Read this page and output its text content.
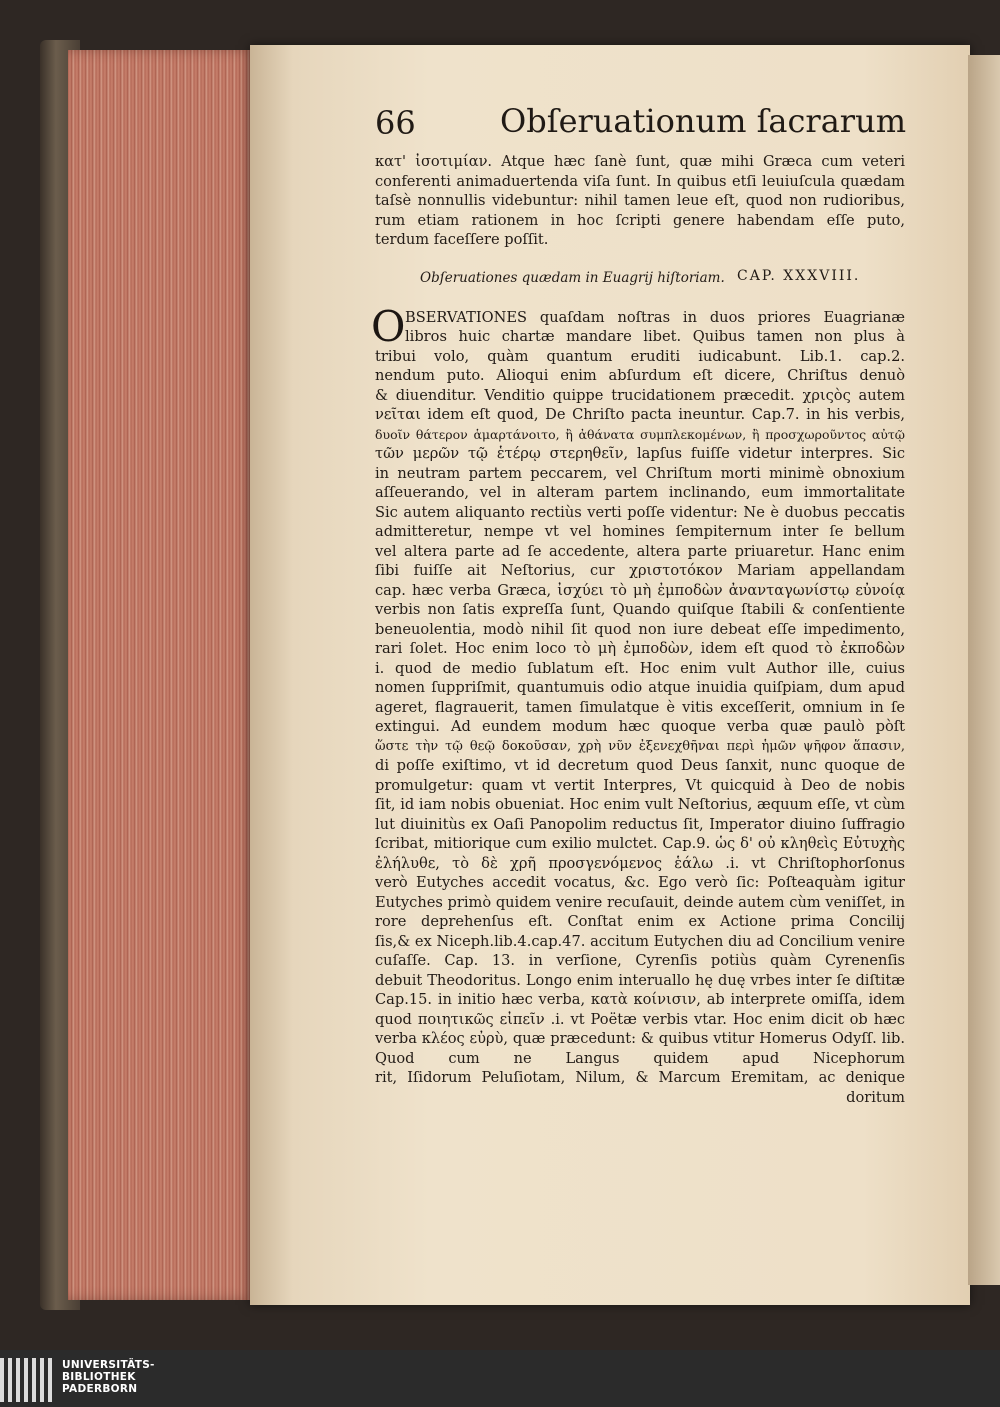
66	Obſeruationum ſacrarum
κατ' ἰσοτιμίαν. Atque hæc ſanè ſunt, quæ mihi Græca cum veteri
conferenti animaduertenda viſa ſunt. In quibus etſi leuiuſcula quædam
taſsè nonnullis videbuntur: nihil tamen leue eſt, quod non rudioribus,
rum etiam rationem in hoc ſcripti genere habendam eſſe puto,
terdum faceſſere poſſit.
Obſeruationes quædam in Euagrij hiſtoriam. CAP. XXXVIII.
O BSERVATIONES quaſdam noſtras in duos priores Euagrianæ
libros huic chartæ mandare libet. Quibus tamen non plus à
tribui volo, quàm quantum eruditi iudicabunt. Lib.1. cap.2.
nendum puto. Alioqui enim abſurdum eſt dicere, Chriſtus denuò
& diuenditur. Venditio quippe trucidationem præcedit. χριςὸς autem
νεῖται idem eſt quod, De Chriſto pacta ineuntur. Cap.7. in his verbis,
δυοῖν θάτερον ἁμαρτάνοιτο, ἢ ἀθάνατα συμπλεκομένων, ἢ προσχωροῦντος αὐτῷ
τῶν μερῶν τῷ ἑτέρῳ στερηθεῖν, lapſus fuiſſe videtur interpres. Sic
in neutram partem peccarem, vel Chriſtum morti minimè obnoxium
aſſeuerando, vel in alteram partem inclinando, eum immortalitate
Sic autem aliquanto rectiùs verti poſſe videntur: Ne è duobus peccatis
admitteretur, nempe vt vel homines ſempiternum inter ſe bellum
vel altera parte ad ſe accedente, altera parte priuaretur. Hanc enim
ſibi fuiſſe ait Neſtorius, cur χριστοτόκον Mariam appellandam
cap. hæc verba Græca, ἰσχύει τὸ μὴ ἐμποδὼν ἀνανταγωνίστῳ εὐνοίᾳ
verbis non ſatis expreſſa ſunt, Quando quiſque ſtabili & conſentiente
beneuolentia, modò nihil ſit quod non iure debeat eſſe impedimento,
rari ſolet. Hoc enim loco τὸ μὴ ἐμποδὼν, idem eſt quod τὸ ἐκποδὼν
i. quod de medio ſublatum eſt. Hoc enim vult Author ille, cuius
nomen ſuppriſmit, quantumuis odio atque inuidia quiſpiam, dum apud
ageret, flagrauerit, tamen ſimulatque è vitis exceſſerit, omnium in ſe
extingui. Ad eundem modum hæc quoque verba quæ paulò pòſt
ὥστε τὴν τῷ θεῷ δοκοῦσαν, χρὴ νῦν ἐξενεχθῆναι περὶ ἡμῶν ψῆφον ἅπασιν,
di poſſe exiſtimo, vt id decretum quod Deus ſanxit, nunc quoque de
promulgetur: quam vt vertit Interpres, Vt quicquid à Deo de nobis
ſit, id iam nobis obueniat. Hoc enim vult Neſtorius, æquum eſſe, vt cùm
lut diuinitùs ex Oaſi Panopolim reductus ſit, Imperator diuino ſuffragio
ſcribat, mitiorique cum exilio mulctet. Cap.9. ὡς δ' οὐ κληθεὶς Εὐτυχὴς
ἐλήλυθε, τὸ δὲ χρῆ προσγενόμενος ἑάλω .i. vt Chriſtophorſonus
verò Eutyches accedit vocatus, &c. Ego verò ſic: Poſteaquàm igitur
Eutyches primò quidem venire recuſauit, deinde autem cùm veniſſet, in
rore deprehenſus eſt. Conſtat enim ex Actione prima Concilij
ſis,& ex Niceph.lib.4.cap.47. accitum Eutychen diu ad Concilium venire
cuſaſſe. Cap. 13. in verſione, Cyrenſis potiùs quàm Cyrenenſis
debuit Theodoritus. Longo enim interuallo hę duę vrbes inter ſe diſtitæ
Cap.15. in initio hæc verba, κατὰ κοίνισιν, ab interprete omiſſa, idem
quod ποιητικῶς εἰπεῖν .i. vt Poëtæ verbis vtar. Hoc enim dicit ob hæc
verba κλέος εὐρὺ, quæ præcedunt: & quibus vtitur Homerus Odyſſ. lib.
Quod cum ne Langus quidem apud Nicephorum
rit, Iſidorum Peluſiotam, Nilum, & Marcum Eremitam, ac denique
doritum
UNIVERSITÄTS-
BIBLIOTHEK
PADERBORN
